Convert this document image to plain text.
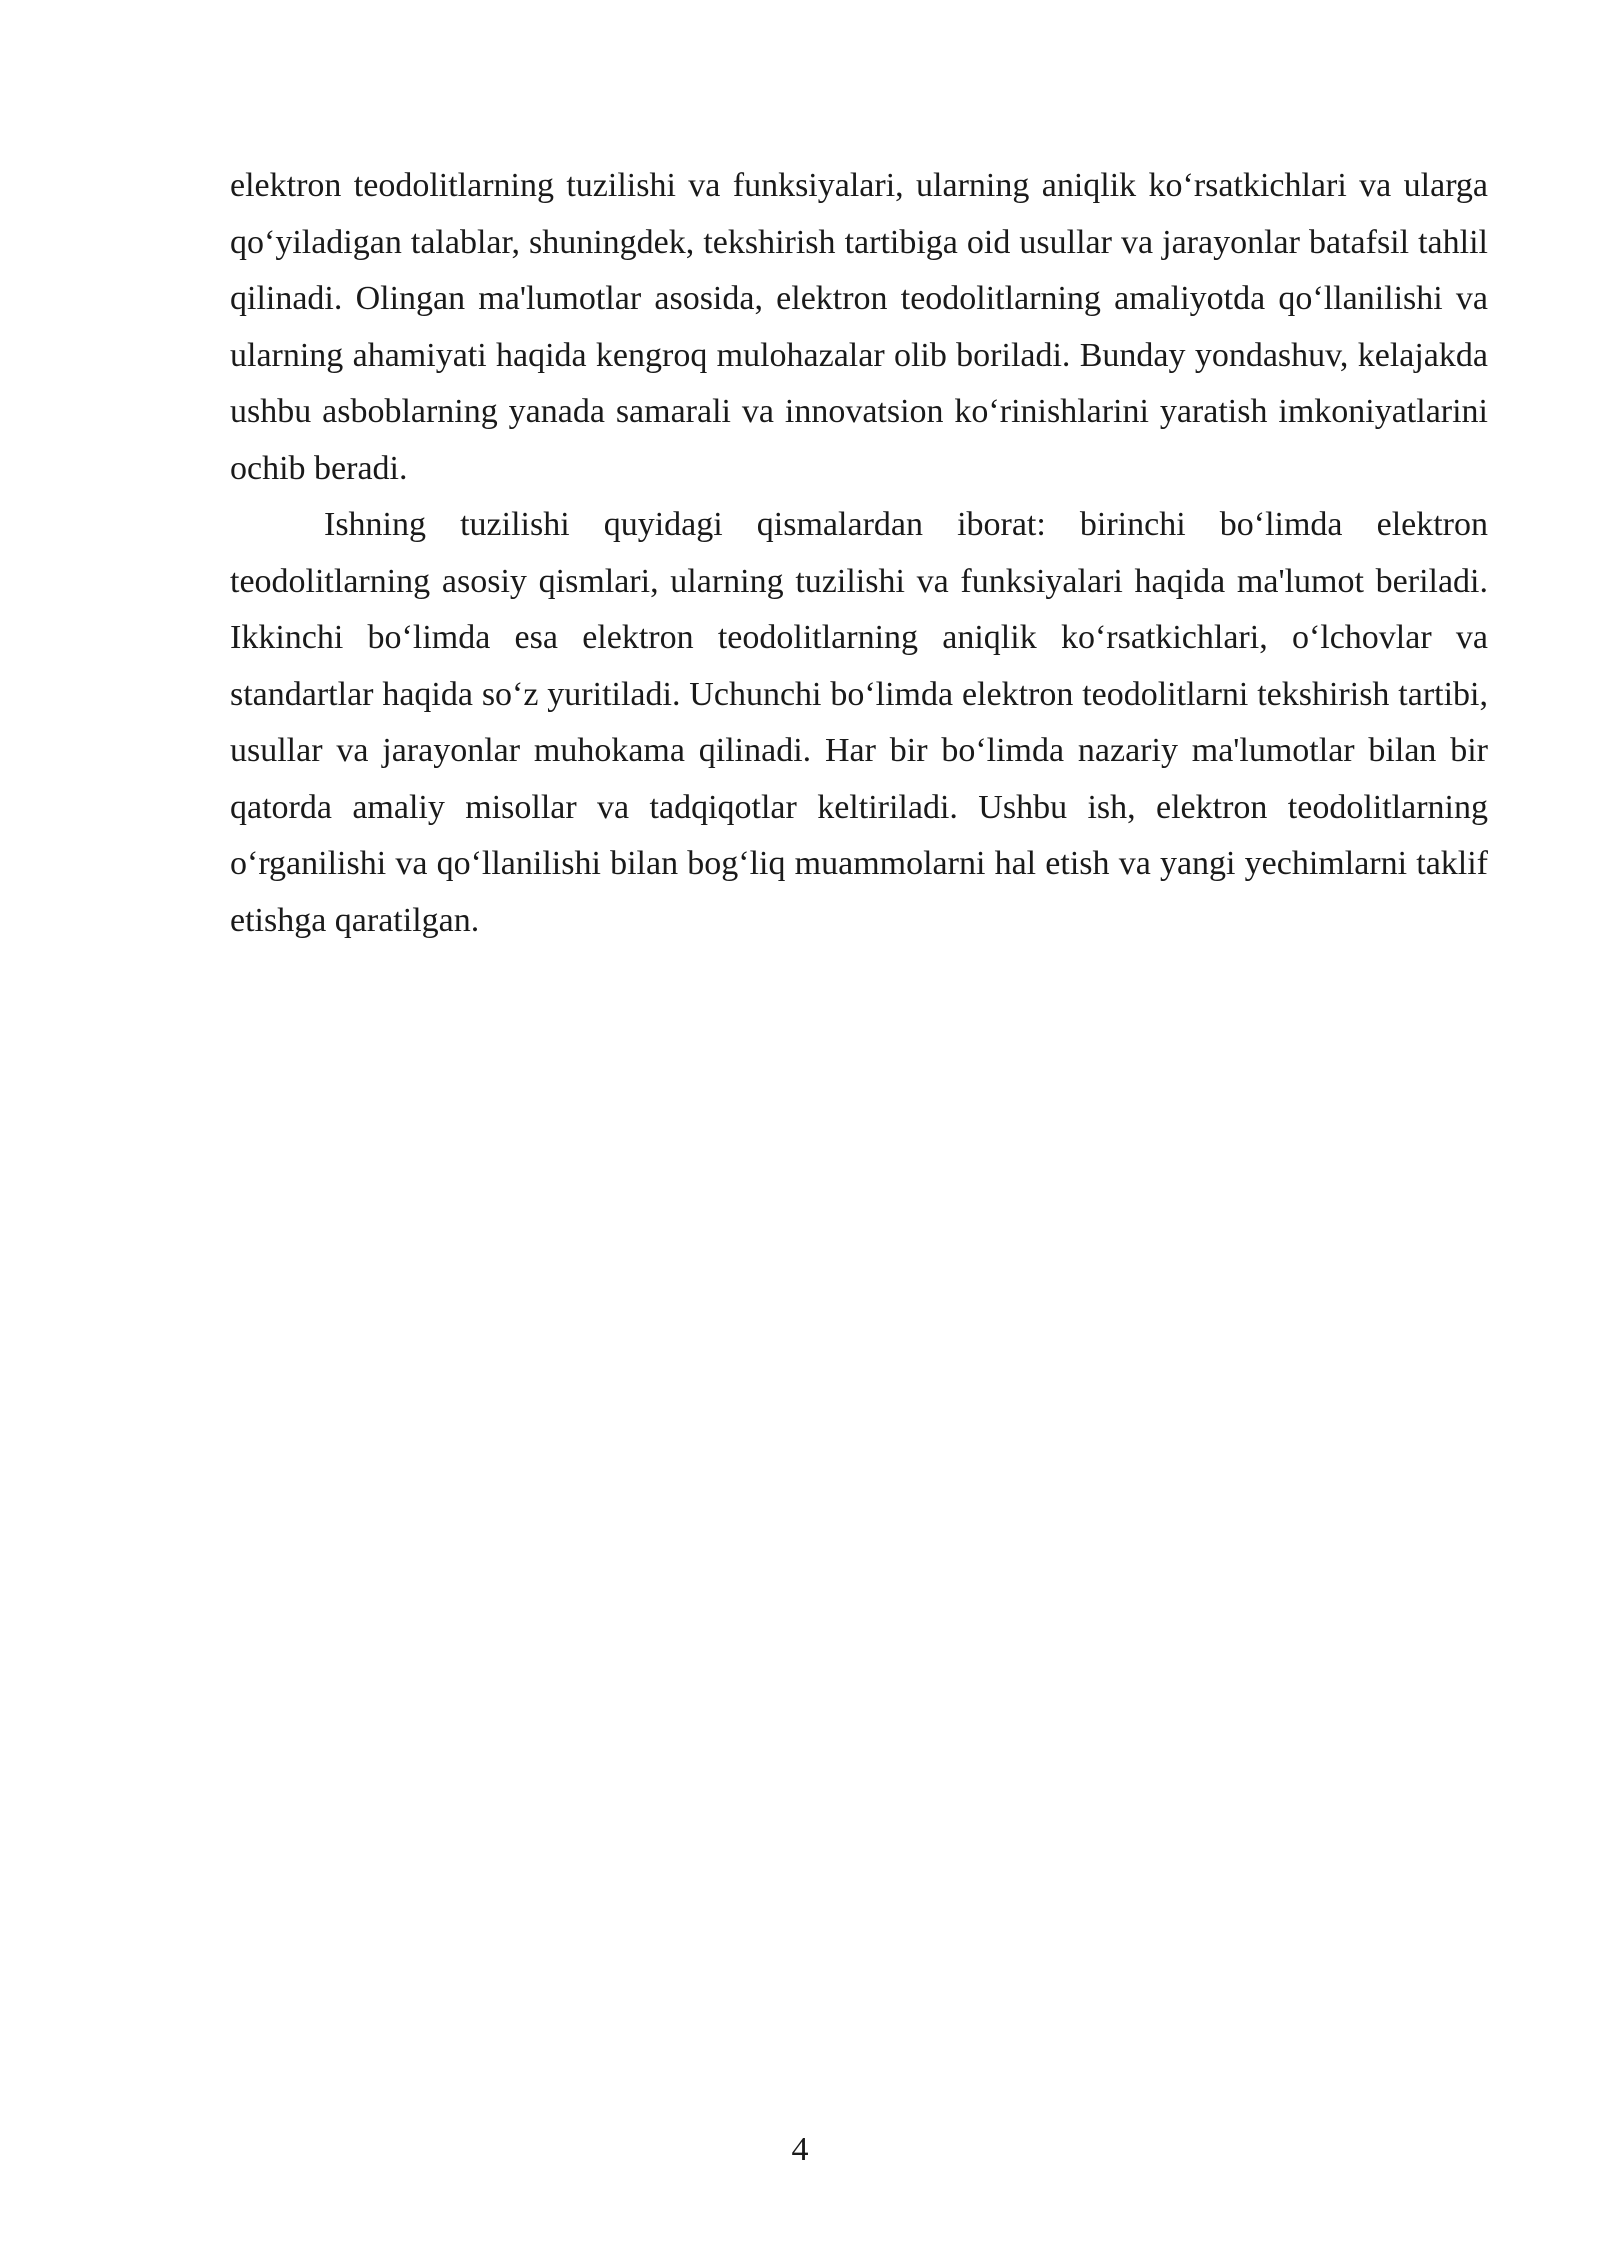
elektron teodolitlarning tuzilishi va funksiyalari, ularning aniqlik ko‘rsatkichlari va ularga qo‘yiladigan talablar, shuningdek, tekshirish tartibiga oid usullar va jarayonlar batafsil tahlil qilinadi. Olingan ma'lumotlar asosida, elektron teodolitlarning amaliyotda qo‘llanilishi va ularning ahamiyati haqida kengroq mulohazalar olib boriladi. Bunday yondashuv, kelajakda ushbu asboblarning yanada samarali va innovatsion ko‘rinishlarini yaratish imkoniyatlarini ochib beradi.

Ishning tuzilishi quyidagi qismalardan iborat: birinchi bo‘limda elektron teodolitlarning asosiy qismlari, ularning tuzilishi va funksiyalari haqida ma'lumot beriladi. Ikkinchi bo‘limda esa elektron teodolitlarning aniqlik ko‘rsatkichlari, o‘lchovlar va standartlar haqida so‘z yuritiladi. Uchunchi bo‘limda elektron teodolitlarni tekshirish tartibi, usullar va jarayonlar muhokama qilinadi. Har bir bo‘limda nazariy ma'lumotlar bilan bir qatorda amaliy misollar va tadqiqotlar keltiriladi. Ushbu ish, elektron teodolitlarning o‘rganilishi va qo‘llanilishi bilan bog‘liq muammolarni hal etish va yangi yechimlarni taklif etishga qaratilgan.

4
